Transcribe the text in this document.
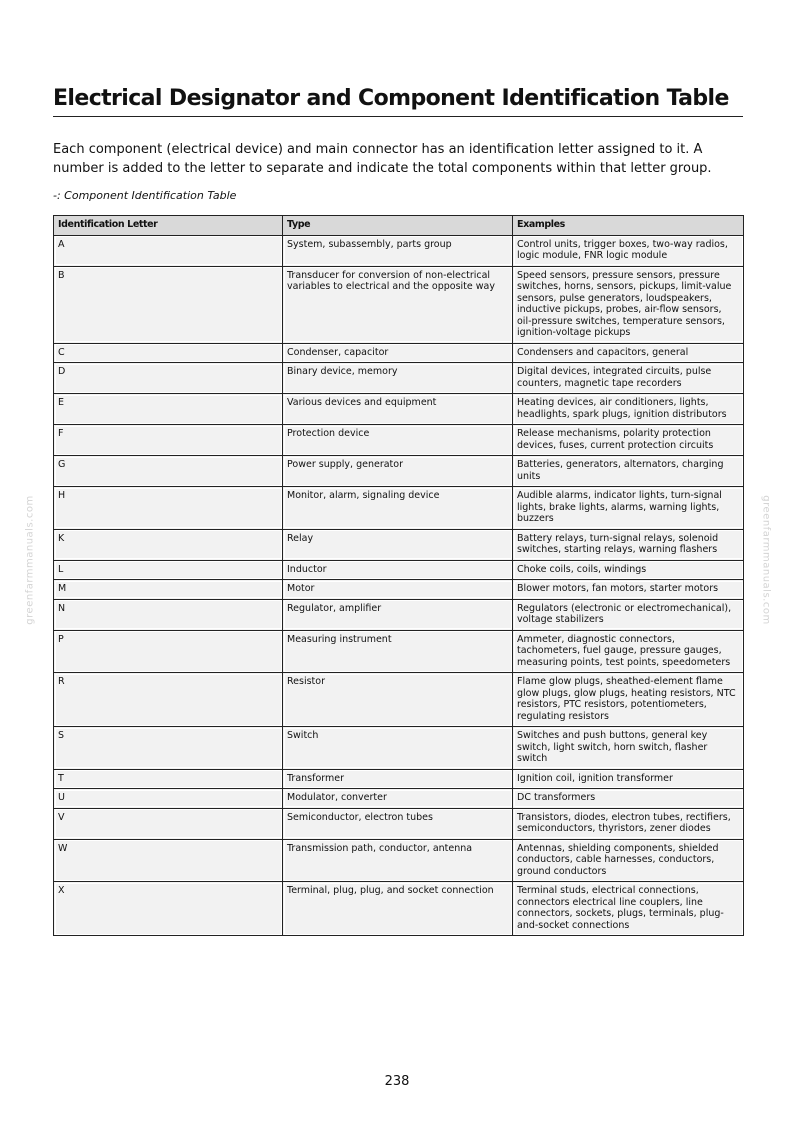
Electrical Designator and Component Identification Table
Each component (electrical device) and main connector has an identification letter assigned to it. A number is added to the letter to separate and indicate the total components within that letter group.
-: Component Identification Table
Identification Letter	Type	Examples
A	System, subassembly, parts group	Control units, trigger boxes, two-way radios, logic module, FNR logic module
B	Transducer for conversion of non-electrical variables to electrical and the opposite way	Speed sensors, pressure sensors, pressure switches, horns, sensors, pickups, limit-value sensors, pulse generators, loudspeakers, inductive pickups, probes, air-flow sensors, oil-pressure switches, temperature sensors, ignition-voltage pickups
C	Condenser, capacitor	Condensers and capacitors, general
D	Binary device, memory	Digital devices, integrated circuits, pulse counters, magnetic tape recorders
E	Various devices and equipment	Heating devices, air conditioners, lights, headlights, spark plugs, ignition distributors
F	Protection device	Release mechanisms, polarity protection devices, fuses, current protection circuits
G	Power supply, generator	Batteries, generators, alternators, charging units
H	Monitor, alarm, signaling device	Audible alarms, indicator lights, turn-signal lights, brake lights, alarms, warning lights, buzzers
K	Relay	Battery relays, turn-signal relays, solenoid switches, starting relays, warning flashers
L	Inductor	Choke coils, coils, windings
M	Motor	Blower motors, fan motors, starter motors
N	Regulator, amplifier	Regulators (electronic or electromechanical), voltage stabilizers
P	Measuring instrument	Ammeter, diagnostic connectors, tachometers, fuel gauge, pressure gauges, measuring points, test points, speedometers
R	Resistor	Flame glow plugs, sheathed-element flame glow plugs, glow plugs, heating resistors, NTC resistors, PTC resistors, potentiometers, regulating resistors
S	Switch	Switches and push buttons, general key switch, light switch, horn switch, flasher switch
T	Transformer	Ignition coil, ignition transformer
U	Modulator, converter	DC transformers
V	Semiconductor, electron tubes	Transistors, diodes, electron tubes, rectifiers, semiconductors, thyristors, zener diodes
W	Transmission path, conductor, antenna	Antennas, shielding components, shielded conductors, cable harnesses, conductors, ground conductors
X	Terminal, plug, plug, and socket connection	Terminal studs, electrical connections, connectors electrical line couplers, line connectors, sockets, plugs, terminals, plug-and-socket connections
greenfarmmanuals.com	greenfarmmanuals.com
238
